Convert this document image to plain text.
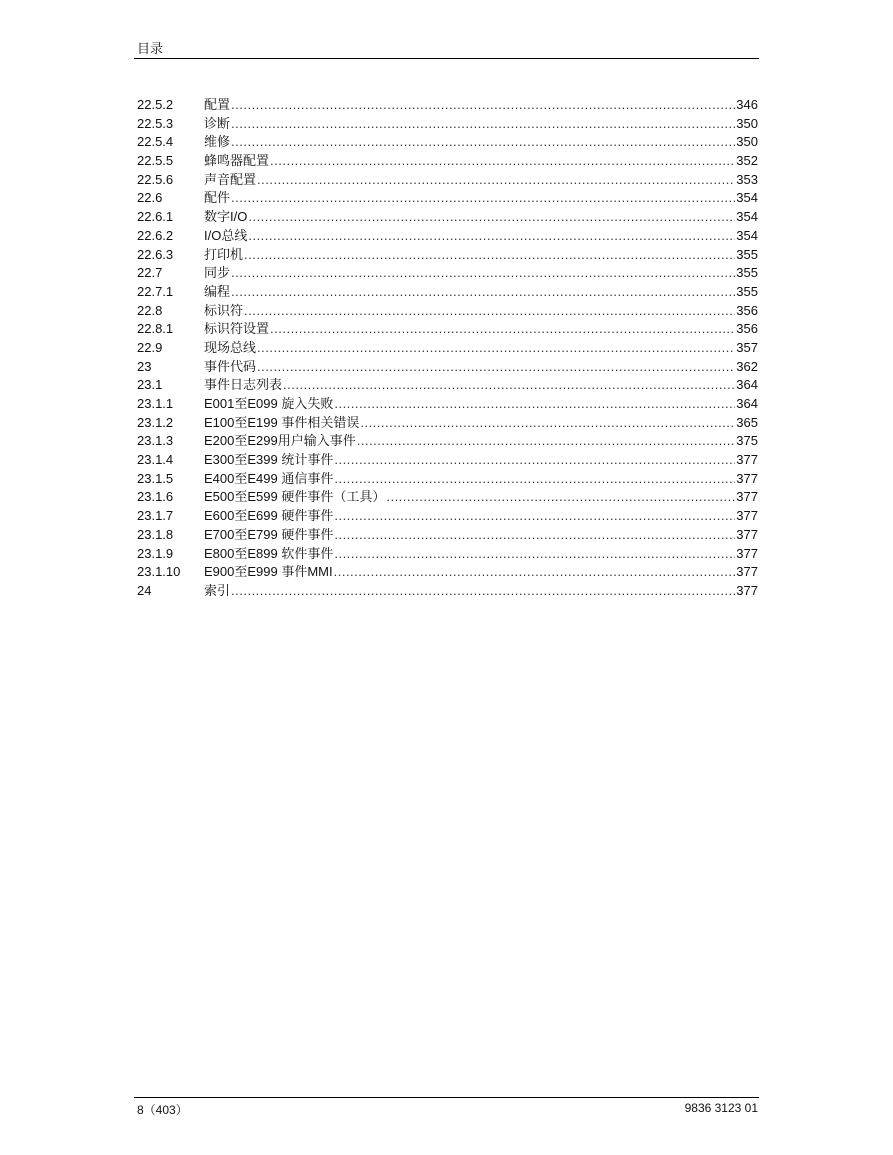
目录
22.5.2	配置 .....	346
22.5.3	诊断 .....	350
22.5.4	维修 .....	350
22.5.5	蜂鸣器配置 .....	352
22.5.6	声音配置 .....	353
22.6	配件 .....	354
22.6.1	数字I/O .....	354
22.6.2	I/O总线 .....	354
22.6.3	打印机 .....	355
22.7	同步 .....	355
22.7.1	编程 .....	355
22.8	标识符 .....	356
22.8.1	标识符设置 .....	356
22.9	现场总线 .....	357
23	事件代码 .....	362
23.1	事件日志列表 .....	364
23.1.1	E001至E099 旋入失败 .....	364
23.1.2	E100至E199 事件相关错误 .....	365
23.1.3	E200至E299用户输入事件 .....	375
23.1.4	E300至E399 统计事件 .....	377
23.1.5	E400至E499 通信事件 .....	377
23.1.6	E500至E599 硬件事件（工具） .....	377
23.1.7	E600至E699 硬件事件 .....	377
23.1.8	E700至E799 硬件事件 .....	377
23.1.9	E800至E899 软件事件 .....	377
23.1.10	E900至E999 事件MMI .....	377
24	索引 .....	377
8（403）	9836 3123 01
